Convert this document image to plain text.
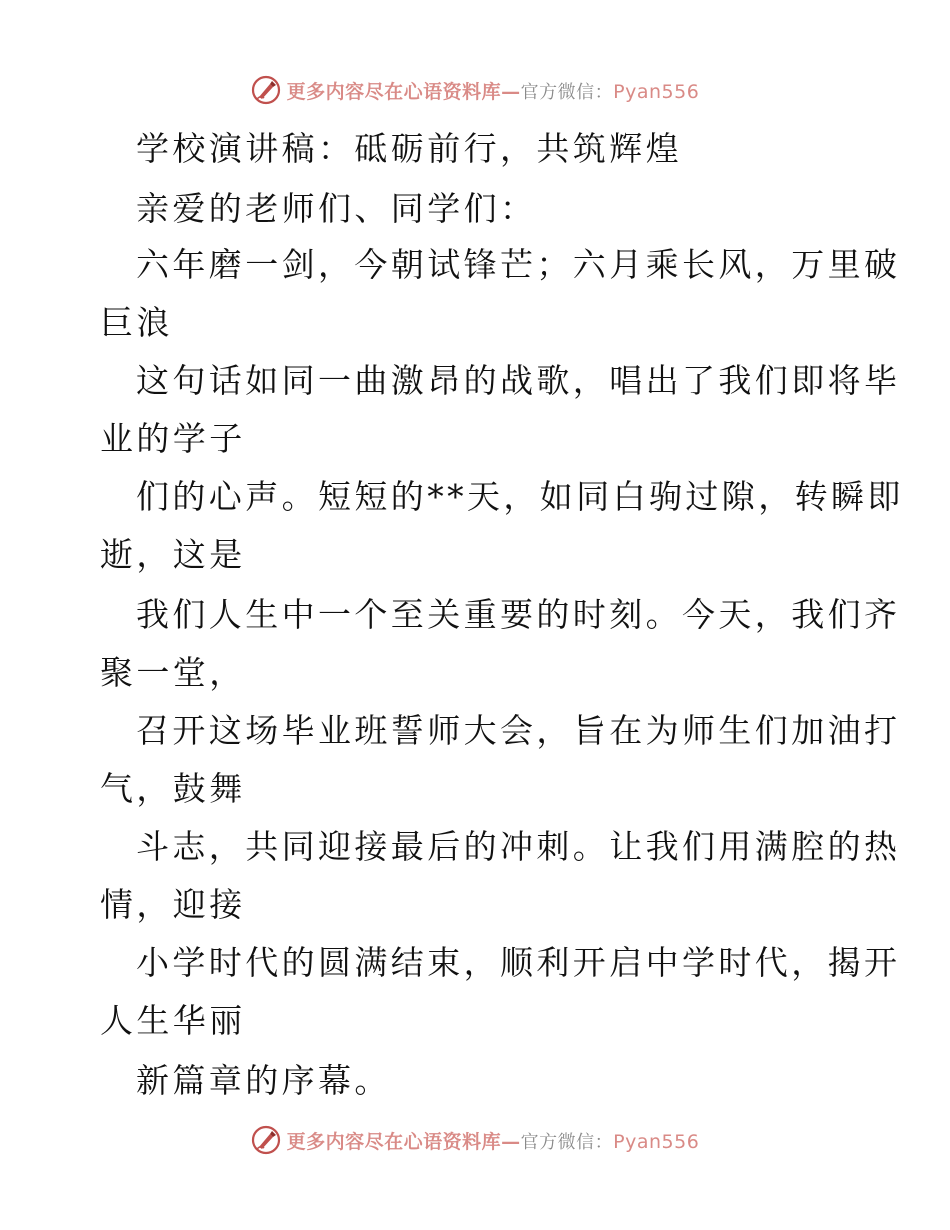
更多内容尽在心语资料库—官方微信：Pyan556
学校演讲稿：砥砺前行，共筑辉煌
亲爱的老师们、同学们：
六年磨一剑，今朝试锋芒；六月乘长风，万里破
巨浪
这句话如同一曲激昂的战歌，唱出了我们即将毕
业的学子
们的心声。短短的**天，如同白驹过隙，转瞬即
逝，这是
我们人生中一个至关重要的时刻。今天，我们齐
聚一堂，
召开这场毕业班誓师大会，旨在为师生们加油打
气，鼓舞
斗志，共同迎接最后的冲刺。让我们用满腔的热
情，迎接
小学时代的圆满结束，顺利开启中学时代，揭开
人生华丽
新篇章的序幕。
更多内容尽在心语资料库—官方微信：Pyan556
